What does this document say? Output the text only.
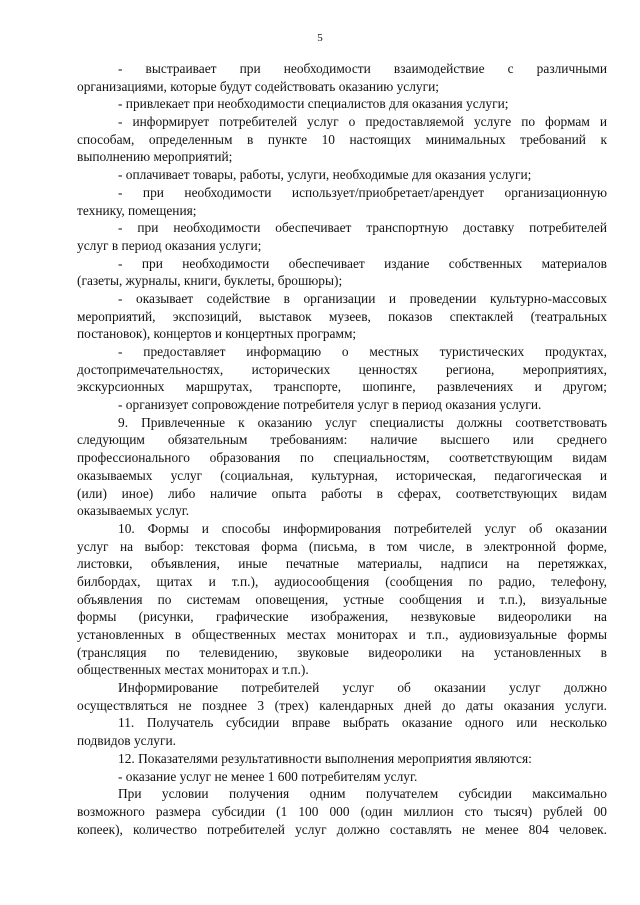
5
- выстраивает при необходимости взаимодействие с различными
организациями, которые будут содействовать оказанию услуги;
- привлекает при необходимости специалистов для оказания услуги;
- информирует потребителей услуг о предоставляемой услуге по формам и
способам, определенным в пункте 10 настоящих минимальных требований к
выполнению мероприятий;
- оплачивает товары, работы, услуги, необходимые для оказания услуги;
- при необходимости использует/приобретает/арендует организационную
технику, помещения;
- при необходимости обеспечивает транспортную доставку потребителей
услуг в период оказания услуги;
- при необходимости обеспечивает издание собственных материалов
(газеты, журналы, книги, буклеты, брошюры);
- оказывает содействие в организации и проведении культурно-массовых
мероприятий, экспозиций, выставок музеев, показов спектаклей (театральных
постановок), концертов и концертных программ;
- предоставляет информацию о местных туристических продуктах,
достопримечательностях, исторических ценностях региона, мероприятиях,
экскурсионных маршрутах, транспорте, шопинге, развлечениях и другом;
- организует сопровождение потребителя услуг в период оказания услуги.
9. Привлеченные к оказанию услуг специалисты должны соответствовать
следующим обязательным требованиям: наличие высшего или среднего
профессионального образования по специальностям, соответствующим видам
оказываемых услуг (социальная, культурная, историческая, педагогическая и
(или) иное) либо наличие опыта работы в сферах, соответствующих видам
оказываемых услуг.
10. Формы и способы информирования потребителей услуг об оказании
услуг на выбор: текстовая форма (письма, в том числе, в электронной форме,
листовки, объявления, иные печатные материалы, надписи на перетяжках,
билбордах, щитах и т.п.), аудиосообщения (сообщения по радио, телефону,
объявления по системам оповещения, устные сообщения и т.п.), визуальные
формы (рисунки, графические изображения, незвуковые видеоролики на
установленных в общественных местах мониторах и т.п., аудиовизуальные формы
(трансляция по телевидению, звуковые видеоролики на установленных в
общественных местах мониторах и т.п.).
Информирование потребителей услуг об оказании услуг должно
осуществляться не позднее 3 (трех) календарных дней до даты оказания услуги.
11. Получатель субсидии вправе выбрать оказание одного или несколько
подвидов услуги.
12. Показателями результативности выполнения мероприятия являются:
- оказание услуг не менее 1 600 потребителям услуг.
При условии получения одним получателем субсидии максимально
возможного размера субсидии (1 100 000 (один миллион сто тысяч) рублей 00
копеек), количество потребителей услуг должно составлять не менее 804 человек.
